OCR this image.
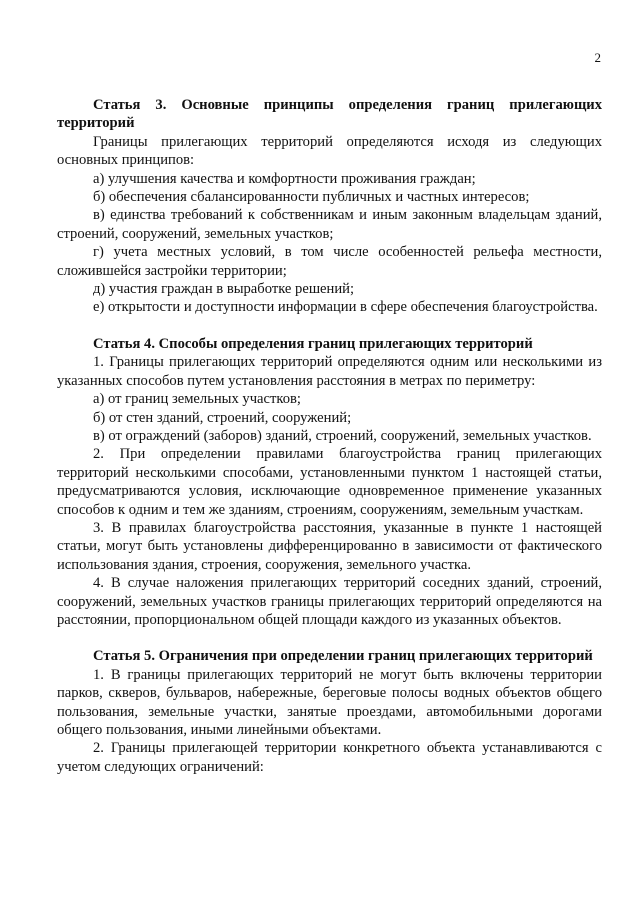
2

Статья 3. Основные принципы определения границ прилегающих территорий

Границы прилегающих территорий определяются исходя из следующих основных принципов:

а) улучшения качества и комфортности проживания граждан;

б) обеспечения сбалансированности публичных и частных интересов;

в) единства требований к собственникам и иным законным владельцам зданий, строений, сооружений, земельных участков;

г) учета местных условий, в том числе особенностей рельефа местности, сложившейся застройки территории;

д) участия граждан в выработке решений;

е) открытости и доступности информации в сфере обеспечения благоустройства.

Статья 4. Способы определения границ прилегающих территорий

1. Границы прилегающих территорий определяются одним или несколькими из указанных способов путем установления расстояния в метрах по периметру:

а) от границ земельных участков;

б) от стен зданий, строений, сооружений;

в) от ограждений (заборов) зданий, строений, сооружений, земельных участков.

2. При определении правилами благоустройства границ прилегающих территорий несколькими способами, установленными пунктом 1 настоящей статьи, предусматриваются условия, исключающие одновременное применение указанных способов к одним и тем же зданиям, строениям, сооружениям, земельным участкам.

3. В правилах благоустройства расстояния, указанные в пункте 1 настоящей статьи, могут быть установлены дифференцированно в зависимости от фактического использования здания, строения, сооружения, земельного участка.

4. В случае наложения прилегающих территорий соседних зданий, строений, сооружений, земельных участков границы прилегающих территорий определяются на расстоянии, пропорциональном общей площади каждого из указанных объектов.

Статья 5. Ограничения при определении границ прилегающих территорий

1. В границы прилегающих территорий не могут быть включены территории парков, скверов, бульваров, набережные, береговые полосы водных объектов общего пользования, земельные участки, занятые проездами, автомобильными дорогами общего пользования, иными линейными объектами.

2. Границы прилегающей территории конкретного объекта устанавливаются с учетом следующих ограничений:
